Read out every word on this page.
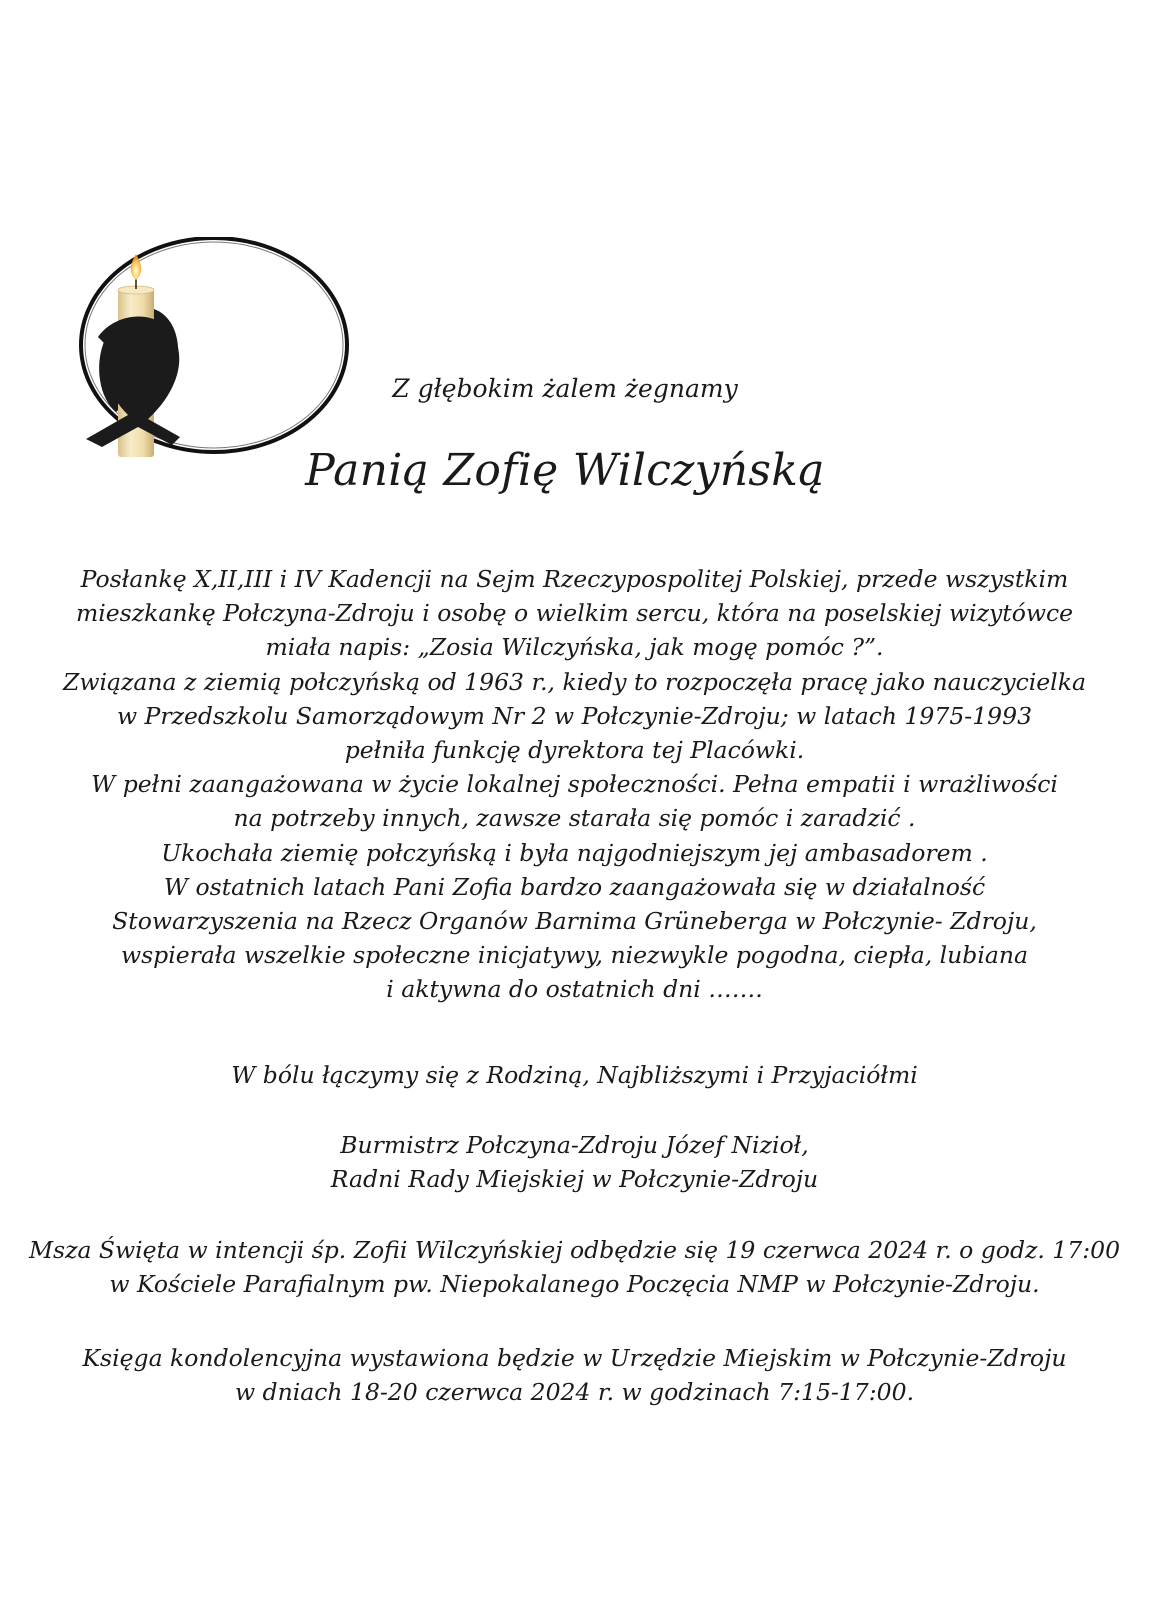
Z głębokim żalem żegnamy
Panią Zofię Wilczyńską
Posłankę X,II,III i IV Kadencji na Sejm Rzeczypospolitej Polskiej, przede wszystkim
mieszkankę Połczyna-Zdroju i osobę o wielkim sercu, która na poselskiej wizytówce
miała napis: „Zosia Wilczyńska, jak mogę pomóc ?”.
Związana z ziemią połczyńską od 1963 r., kiedy to rozpoczęła pracę jako nauczycielka
w Przedszkolu Samorządowym Nr 2 w Połczynie-Zdroju; w latach 1975-1993
pełniła funkcję dyrektora tej Placówki.
W pełni zaangażowana w życie lokalnej społeczności. Pełna empatii i wrażliwości
na potrzeby innych, zawsze starała się pomóc i zaradzić .
Ukochała ziemię połczyńską i była najgodniejszym jej ambasadorem .
W ostatnich latach Pani Zofia bardzo zaangażowała się w działalność
Stowarzyszenia na Rzecz Organów Barnima Grüneberga w Połczynie- Zdroju,
wspierała wszelkie społeczne inicjatywy, niezwykle pogodna, ciepła, lubiana
i aktywna do ostatnich dni …….
W bólu łączymy się z Rodziną, Najbliższymi i Przyjaciółmi
Burmistrz Połczyna-Zdroju Józef Nizioł,
Radni Rady Miejskiej w Połczynie-Zdroju
Msza Święta w intencji śp. Zofii Wilczyńskiej odbędzie się 19 czerwca 2024 r. o godz. 17:00
w Kościele Parafialnym pw. Niepokalanego Poczęcia NMP w Połczynie-Zdroju.
Księga kondolencyjna wystawiona będzie w Urzędzie Miejskim w Połczynie-Zdroju
w dniach 18-20 czerwca 2024 r. w godzinach 7:15-17:00.
